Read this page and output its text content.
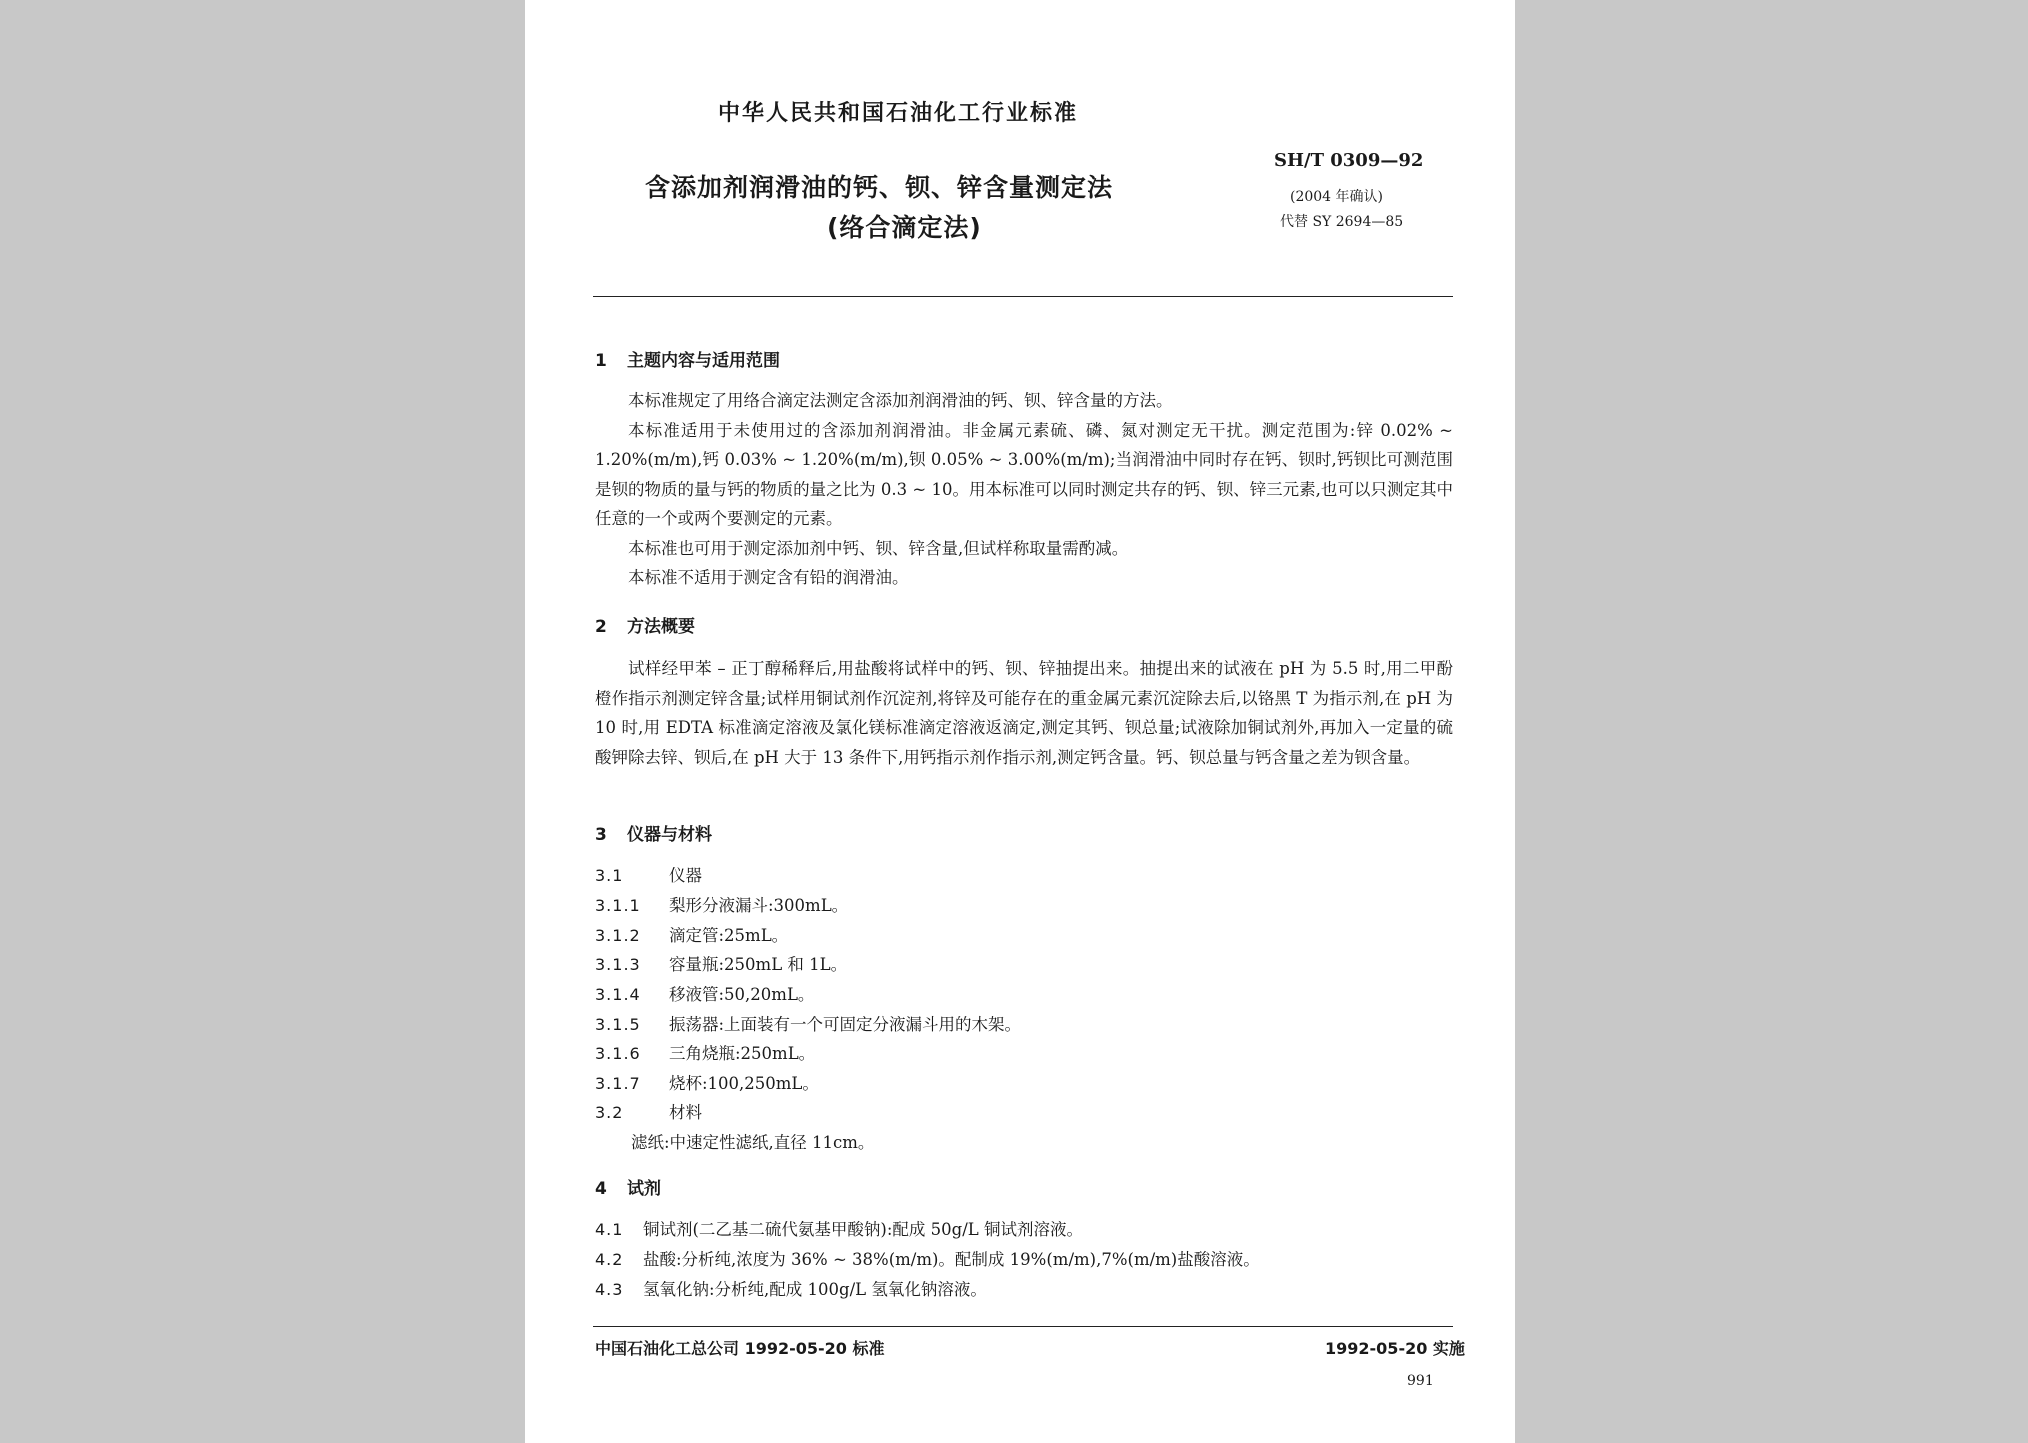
中华人民共和国石油化工行业标准
含添加剂润滑油的钙、钡、锌含量测定法
(络合滴定法)
SH/T 0309—92
(2004 年确认)
代替 SY 2694—85
1 主题内容与适用范围

本标准规定了用络合滴定法测定含添加剂润滑油的钙、钡、锌含量的方法。

本标准适用于未使用过的含添加剂润滑油。非金属元素硫、磷、氮对测定无干扰。测定范围为:锌 0.02% ~ 1.20%(m/m),钙 0.03% ~ 1.20%(m/m),钡 0.05% ~ 3.00%(m/m);当润滑油中同时存在钙、钡时,钙钡比可测范围是钡的物质的量与钙的物质的量之比为 0.3 ~ 10。用本标准可以同时测定共存的钙、钡、锌三元素,也可以只测定其中任意的一个或两个要测定的元素。

本标准也可用于测定添加剂中钙、钡、锌含量,但试样称取量需酌减。

本标准不适用于测定含有铅的润滑油。

2 方法概要

试样经甲苯 – 正丁醇稀释后,用盐酸将试样中的钙、钡、锌抽提出来。抽提出来的试液在 pH 为 5.5 时,用二甲酚橙作指示剂测定锌含量;试样用铜试剂作沉淀剂,将锌及可能存在的重金属元素沉淀除去后,以铬黑 T 为指示剂,在 pH 为 10 时,用 EDTA 标准滴定溶液及氯化镁标准滴定溶液返滴定,测定其钙、钡总量;试液除加铜试剂外,再加入一定量的硫酸钾除去锌、钡后,在 pH 大于 13 条件下,用钙指示剂作指示剂,测定钙含量。钙、钡总量与钙含量之差为钡含量。

3 仪器与材料
3.1	仪器
3.1.1 梨形分液漏斗:300mL。
3.1.2 滴定管:25mL。
3.1.3 容量瓶:250mL 和 1L。
3.1.4 移液管:50,20mL。
3.1.5 振荡器:上面装有一个可固定分液漏斗用的木架。
3.1.6 三角烧瓶:250mL。
3.1.7 烧杯:100,250mL。
3.2	材料
滤纸:中速定性滤纸,直径 11cm。
4 试剂
4.1 铜试剂(二乙基二硫代氨基甲酸钠):配成 50g/L 铜试剂溶液。
4.2 盐酸:分析纯,浓度为 36% ~ 38%(m/m)。配制成 19%(m/m),7%(m/m)盐酸溶液。
4.3 氢氧化钠:分析纯,配成 100g/L 氢氧化钠溶液。
中国石油化工总公司 1992-05-20 标准	1992-05-20 实施
991
